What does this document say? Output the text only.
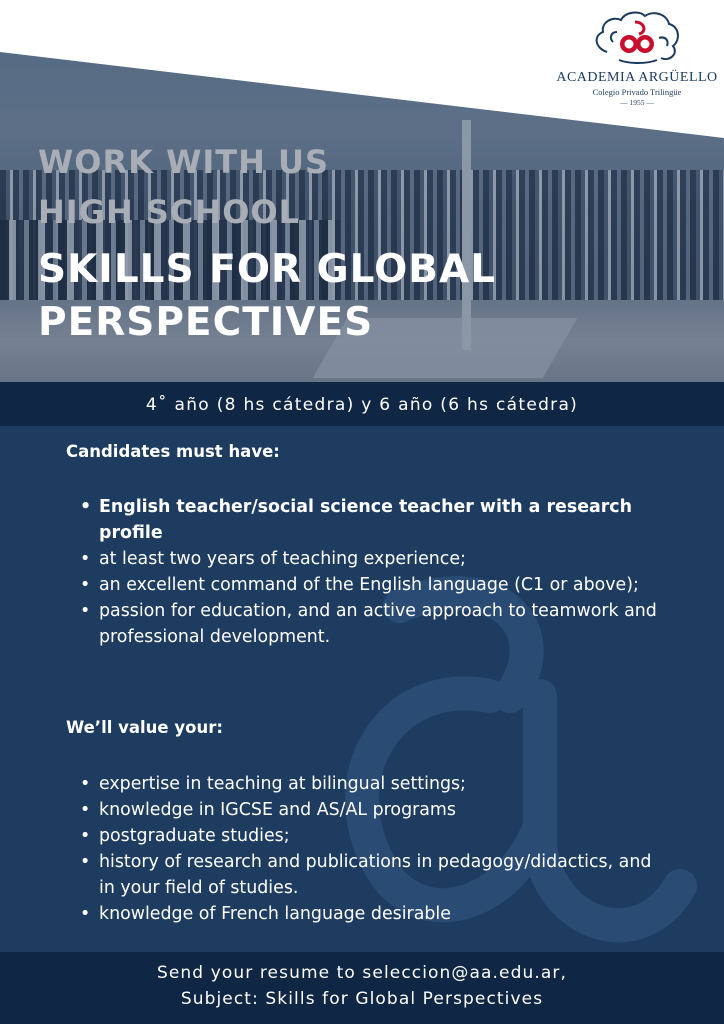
ACADEMIA ARGÜELLO
Colegio Privado Trilingüe
— 1955 —
WORK WITH US
HIGH SCHOOL
SKILLS FOR GLOBAL
PERSPECTIVES
4˚ año (8 hs cátedra) y 6 año (6 hs cátedra)
Candidates must have:
• English teacher/social science teacher with a research profile
• at least two years of teaching experience;
• an excellent command of the English language (C1 or above);
• passion for education, and an active approach to teamwork and professional development.
We’ll value your:
• expertise in teaching at bilingual settings;
• knowledge in IGCSE and AS/AL programs
• postgraduate studies;
• history of research and publications in pedagogy/didactics, and in your field of studies.
• knowledge of French language desirable
Send your resume to seleccion@aa.edu.ar,
Subject: Skills for Global Perspectives
